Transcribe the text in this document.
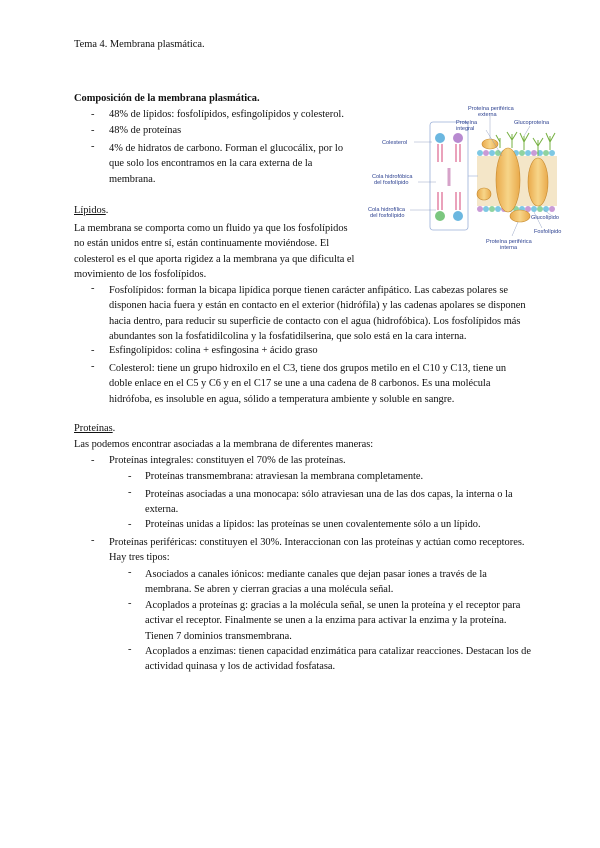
Tema 4. Membrana plasmática.
Composición de la membrana plasmática.
- 48% de lípidos: fosfolípidos, esfingolípidos y colesterol.
- 48% de proteínas
- 4% de hidratos de carbono. Forman el glucocálix, por lo
que solo los encontramos en la cara externa de la
membrana.
Proteína periférica
externa
Proteína
integral
Glucoproteína
Colesterol
Cola hidrofóbica
del fosfolípido
Cola hidrofílica
del fosfolípido	Glucolípido
Fosfolípido
Proteína periférica
interna
Lípidos.
La membrana se comporta como un fluido ya que los fosfolípidos
no están unidos entre sí, están continuamente moviéndose. El
colesterol es el que aporta rigidez a la membrana ya que dificulta el
movimiento de los fosfolípidos.
- Fosfolípidos: forman la bicapa lipídica porque tienen carácter anfipático. Las cabezas polares se
disponen hacia fuera y están en contacto en el exterior (hidrófila) y las cadenas apolares se disponen
hacia dentro, para reducir su superficie de contacto con el agua (hidrofóbica). Los fosfolípidos más
abundantes son la fosfatidilcolina y la fosfatidilserina, que solo está en la cara interna.
- Esfingolípidos: colina + esfingosina + ácido graso
- Colesterol: tiene un grupo hidroxilo en el C3, tiene dos grupos metilo en el C10 y C13, tiene un
doble enlace en el C5 y C6 y en el C17 se une a una cadena de 8 carbonos. Es una molécula
hidrófoba, es insoluble en agua, sólido a temperatura ambiente y soluble en sangre.
Proteínas.
Las podemos encontrar asociadas a la membrana de diferentes maneras:
- Proteínas integrales: constituyen el 70% de las proteínas.
- Proteínas transmembrana: atraviesan la membrana completamente.
- Proteínas asociadas a una monocapa: sólo atraviesan una de las dos capas, la interna o la
externa.
- Proteínas unidas a lípidos: las proteínas se unen covalentemente sólo a un lípido.
- Proteínas periféricas: constituyen el 30%. Interaccionan con las proteínas y actúan como receptores.
Hay tres tipos:
- Asociados a canales iónicos: mediante canales que dejan pasar iones a través de la
membrana. Se abren y cierran gracias a una molécula señal.
- Acoplados a proteínas g: gracias a la molécula señal, se unen la proteína y el receptor para
activar el receptor. Finalmente se unen a la enzima para activar la enzima y la proteína.
Tienen 7 dominios transmembrana.
- Acoplados a enzimas: tienen capacidad enzimática para catalizar reacciones. Destacan los de
actividad quinasa y los de actividad fosfatasa.
